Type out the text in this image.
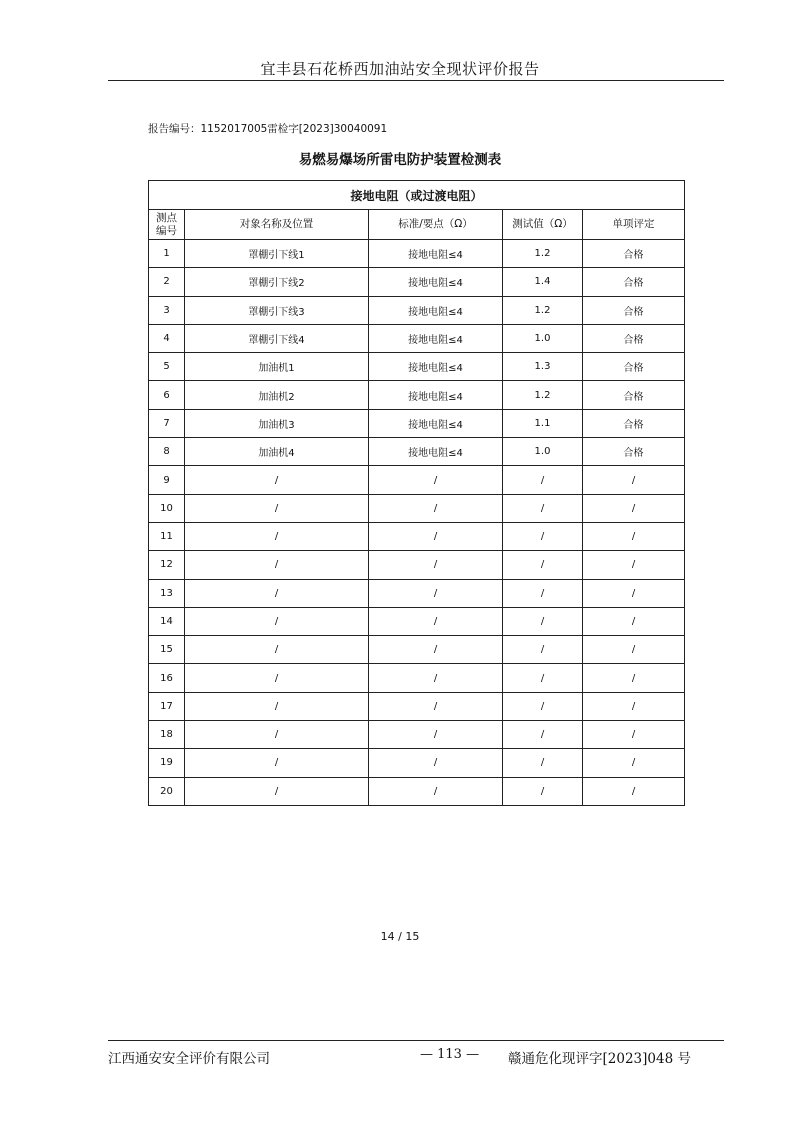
宜丰县石花桥西加油站安全现状评价报告
报告编号：1152017005雷检字[2023]30040091
易燃易爆场所雷电防护装置检测表
接地电阻（或过渡电阻）				
测点
编号	对象名称及位置	标准/要点（Ω）	测试值（Ω）	单项评定
1	罩棚引下线1	接地电阻≤4	1.2	合格
2	罩棚引下线2	接地电阻≤4	1.4	合格
3	罩棚引下线3	接地电阻≤4	1.2	合格
4	罩棚引下线4	接地电阻≤4	1.0	合格
5	加油机1	接地电阻≤4	1.3	合格
6	加油机2	接地电阻≤4	1.2	合格
7	加油机3	接地电阻≤4	1.1	合格
8	加油机4	接地电阻≤4	1.0	合格
9	/	/	/	/
10	/	/	/	/
11	/	/	/	/
12	/	/	/	/
13	/	/	/	/
14	/	/	/	/
15	/	/	/	/
16	/	/	/	/
17	/	/	/	/
18	/	/	/	/
19	/	/	/	/
20	/	/	/	/
14 / 15
江西通安安全评价有限公司	— 113 — 赣通危化现评字[2023]048 号
